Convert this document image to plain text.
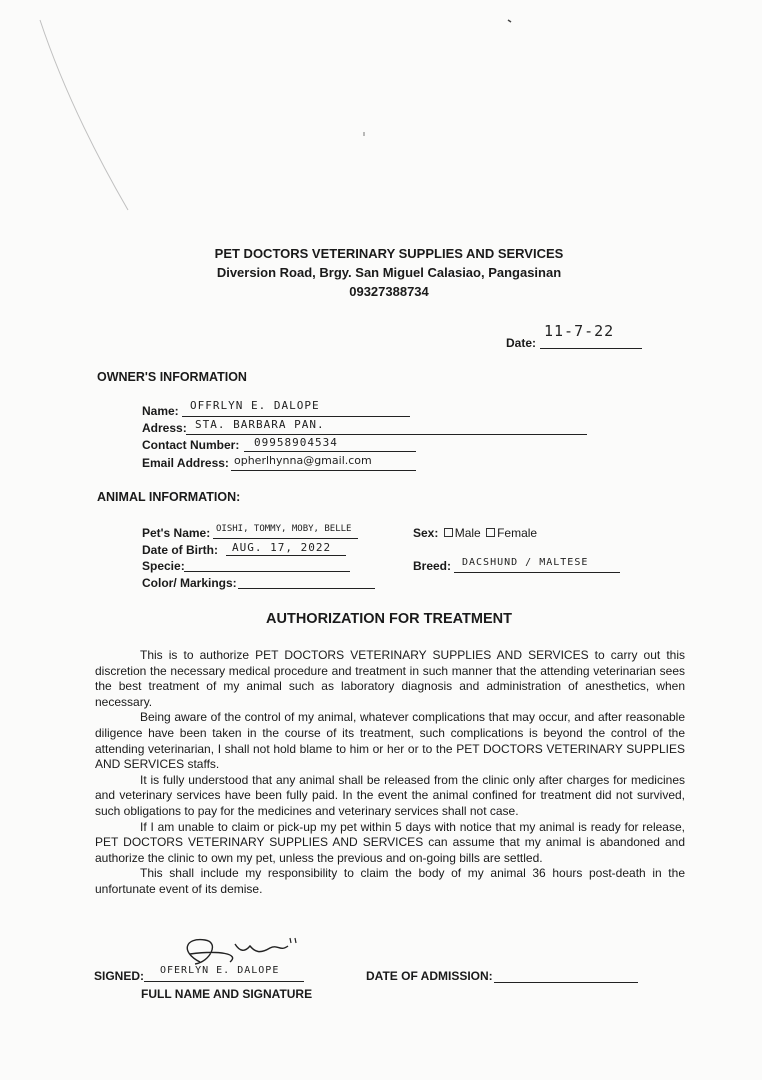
PET DOCTORS VETERINARY SUPPLIES AND SERVICES
Diversion Road, Brgy. San Miguel Calasiao, Pangasinan
09327388734
Date:
11-7-22
OWNER'S INFORMATION
Name: OFFRLYN E. DALOPE
Adress: STA. BARBARA PAN.
Contact Number: 09958904534
Email Address: opherlhynna@gmail.com
ANIMAL INFORMATION:
Pet's Name: OISHI, TOMMY, MOBY, BELLE
Date of Birth: AUG. 17, 2022
Specie:
Color/ Markings:
Sex: Male Female
Breed: DACSHUND / MALTESE
AUTHORIZATION FOR TREATMENT

This is to authorize PET DOCTORS VETERINARY SUPPLIES AND SERVICES to carry out this discretion the necessary medical procedure and treatment in such manner that the attending veterinarian sees the best treatment of my animal such as laboratory diagnosis and administration of anesthetics, when necessary.

Being aware of the control of my animal, whatever complications that may occur, and after reasonable diligence have been taken in the course of its treatment, such complications is beyond the control of the attending veterinarian, I shall not hold blame to him or her or to the PET DOCTORS VETERINARY SUPPLIES AND SERVICES staffs.

It is fully understood that any animal shall be released from the clinic only after charges for medicines and veterinary services have been fully paid. In the event the animal confined for treatment did not survived, such obligations to pay for the medicines and veterinary services shall not case.

If I am unable to claim or pick-up my pet within 5 days with notice that my animal is ready for release, PET DOCTORS VETERINARY SUPPLIES AND SERVICES can assume that my animal is abandoned and authorize the clinic to own my pet, unless the previous and on-going bills are settled.

This shall include my responsibility to claim the body of my animal 36 hours post-death in the unfortunate event of its demise.

SIGNED: OFERLYN E. DALOPE
FULL NAME AND SIGNATURE
DATE OF ADMISSION:
